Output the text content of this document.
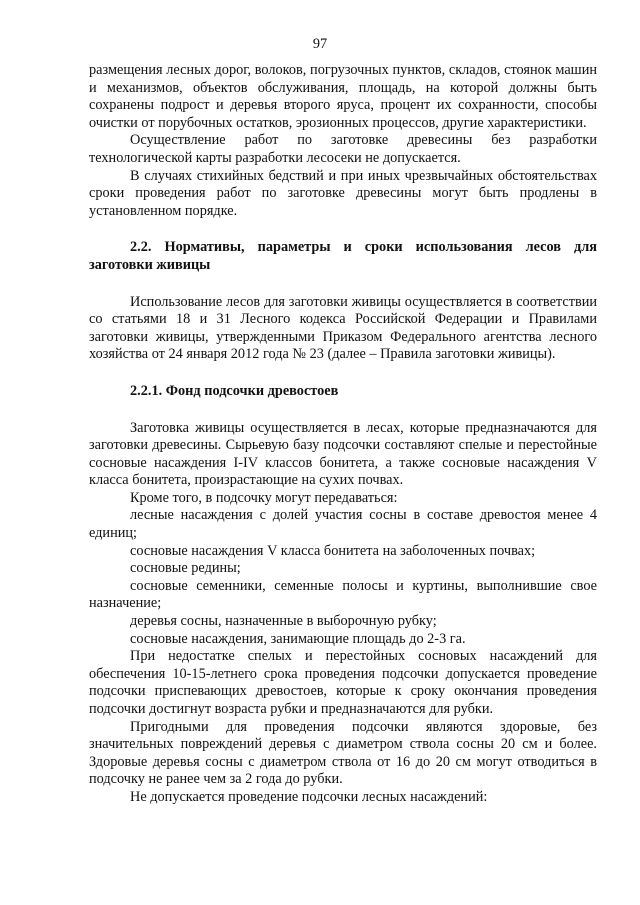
97

размещения лесных дорог, волоков, погрузочных пунктов, складов, стоянок машин и механизмов, объектов обслуживания, площадь, на которой должны быть сохранены подрост и деревья второго яруса, процент их сохранности, способы очистки от порубочных остатков, эрозионных процессов, другие характеристики.

Осуществление работ по заготовке древесины без разработки технологической карты разработки лесосеки не допускается.

В случаях стихийных бедствий и при иных чрезвычайных обстоятельствах сроки проведения работ по заготовке древесины могут быть продлены в установленном порядке.

2.2. Нормативы, параметры и сроки использования лесов для заготовки живицы

Использование лесов для заготовки живицы осуществляется в соответствии со статьями 18 и 31 Лесного кодекса Российской Федерации и Правилами заготовки живицы, утвержденными Приказом Федерального агентства лесного хозяйства от 24 января 2012 года № 23 (далее – Правила заготовки живицы).

2.2.1. Фонд подсочки древостоев

Заготовка живицы осуществляется в лесах, которые предназначаются для заготовки древесины. Сырьевую базу подсочки составляют спелые и перестойные сосновые насаждения I-IV классов бонитета, а также сосновые насаждения V класса бонитета, произрастающие на сухих почвах.

Кроме того, в подсочку могут передаваться:

лесные насаждения с долей участия сосны в составе древостоя менее 4 единиц;

сосновые насаждения V класса бонитета на заболоченных почвах;

сосновые редины;

сосновые семенники, семенные полосы и куртины, выполнившие свое назначение;

деревья сосны, назначенные в выборочную рубку;

сосновые насаждения, занимающие площадь до 2-3 га.

При недостатке спелых и перестойных сосновых насаждений для обеспечения 10-15-летнего срока проведения подсочки допускается проведение подсочки приспевающих древостоев, которые к сроку окончания проведения подсочки достигнут возраста рубки и предназначаются для рубки.

Пригодными для проведения подсочки являются здоровые, без значительных повреждений деревья с диаметром ствола сосны 20 см и более. Здоровые деревья сосны с диаметром ствола от 16 до 20 см могут отводиться в подсочку не ранее чем за 2 года до рубки.

Не допускается проведение подсочки лесных насаждений:
